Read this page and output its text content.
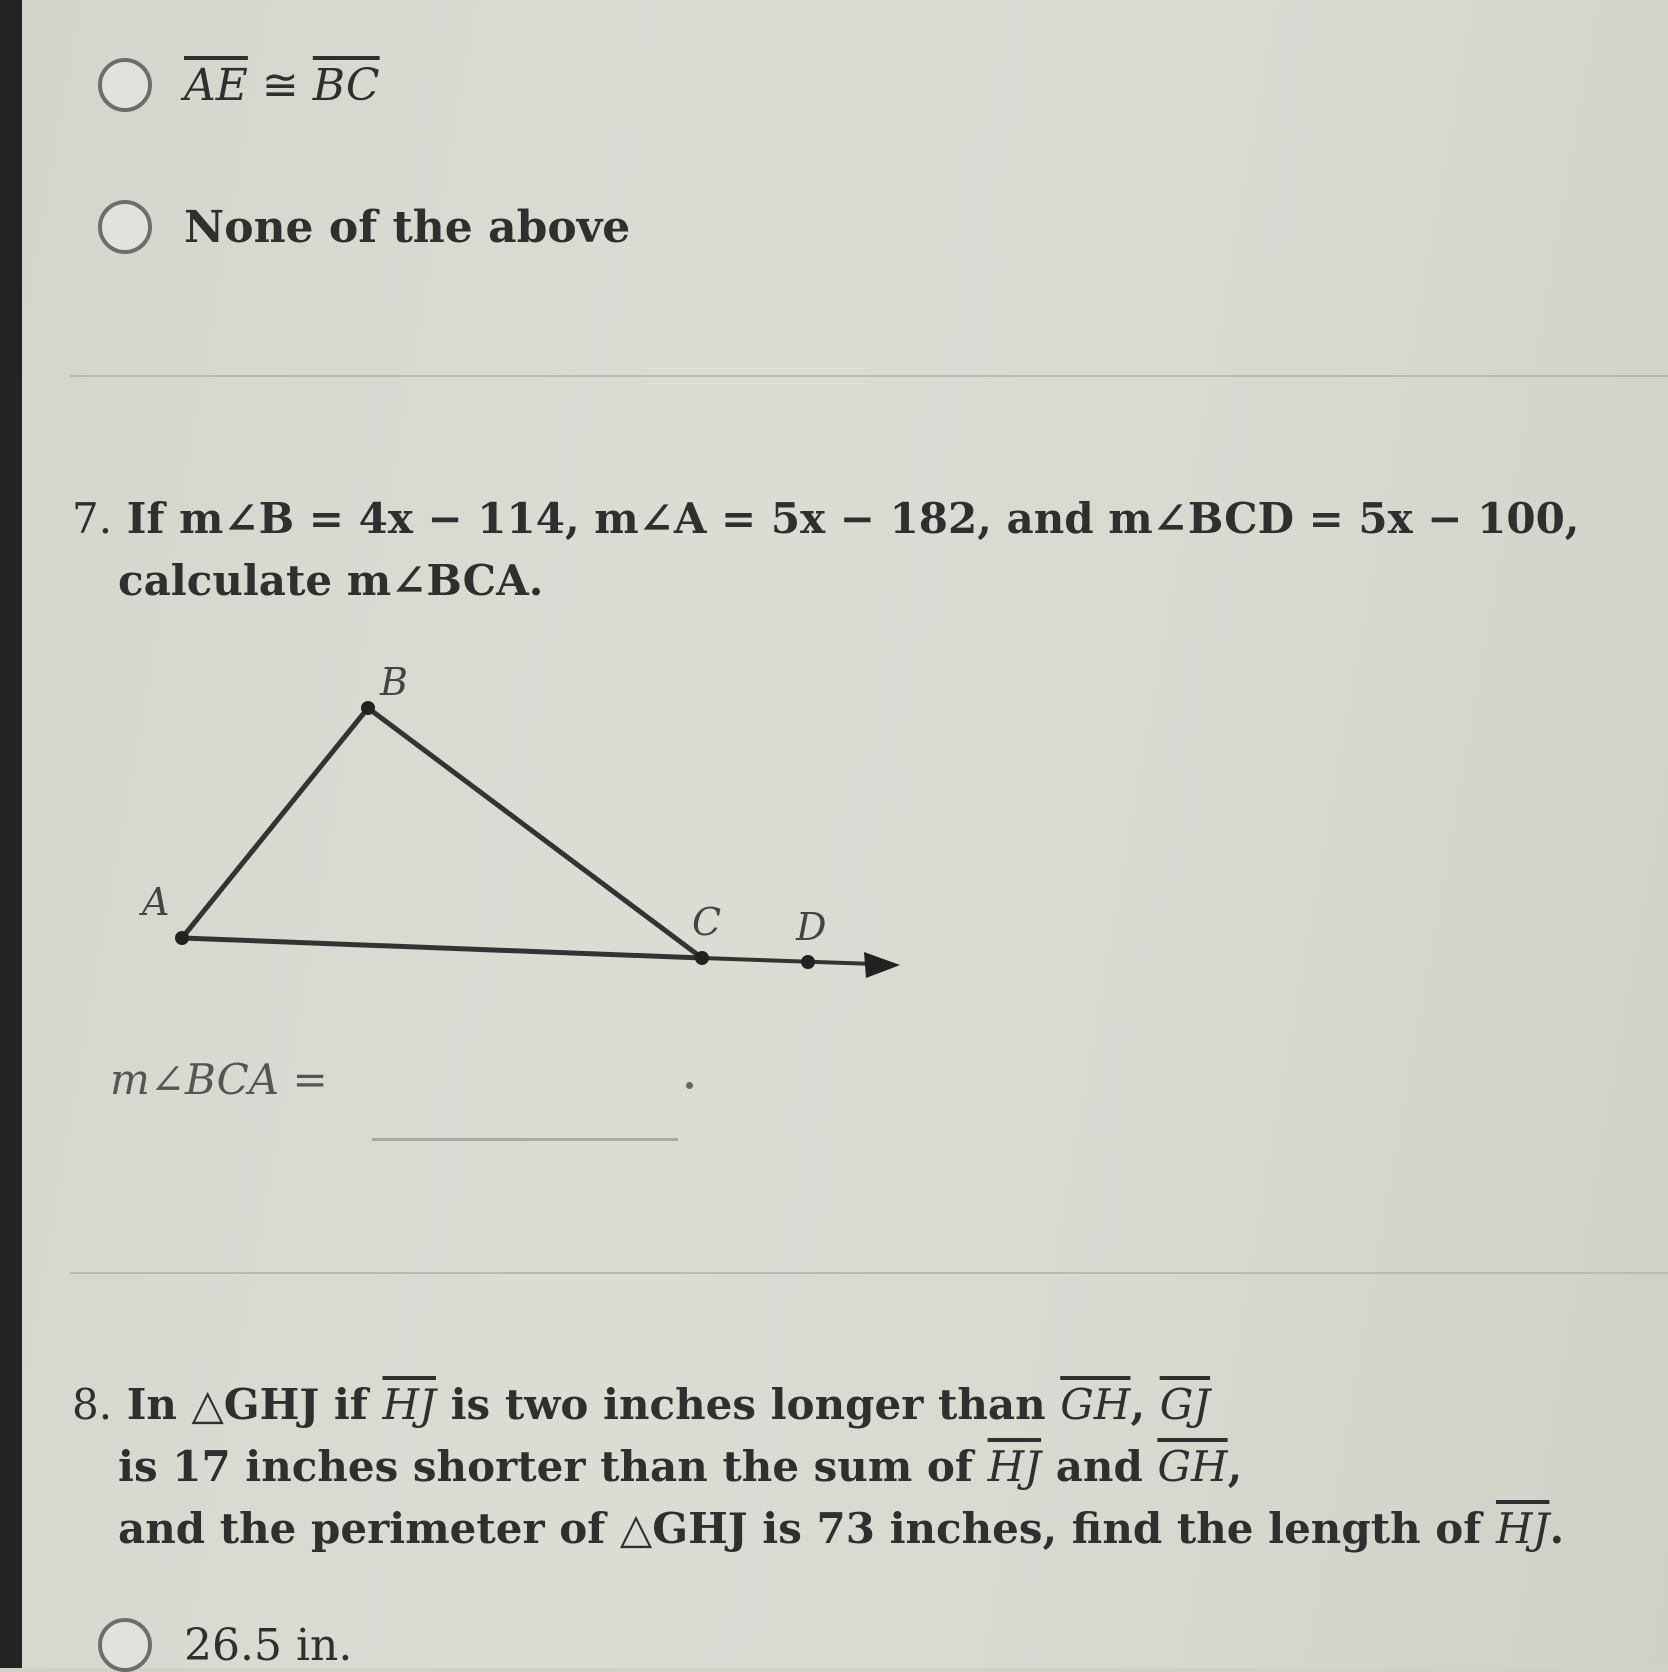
$\overline{AE}$ ≅ $\overline{BC}$
None of the above
7. If m∠B = 4x − 114, m∠A = 5x − 182, and m∠BCD = 5x − 100,
calculate m∠BCA.
B
A	C D
m∠BCA =
8. In △GHJ if $\overline{HJ}$ is two inches longer than $\overline{GH}$, $\overline{GJ}$
is 17 inches shorter than the sum of $\overline{HJ}$ and $\overline{GH}$,
and the perimeter of △GHJ is 73 inches, find the length of $\overline{HJ}$.
26.5 in.
